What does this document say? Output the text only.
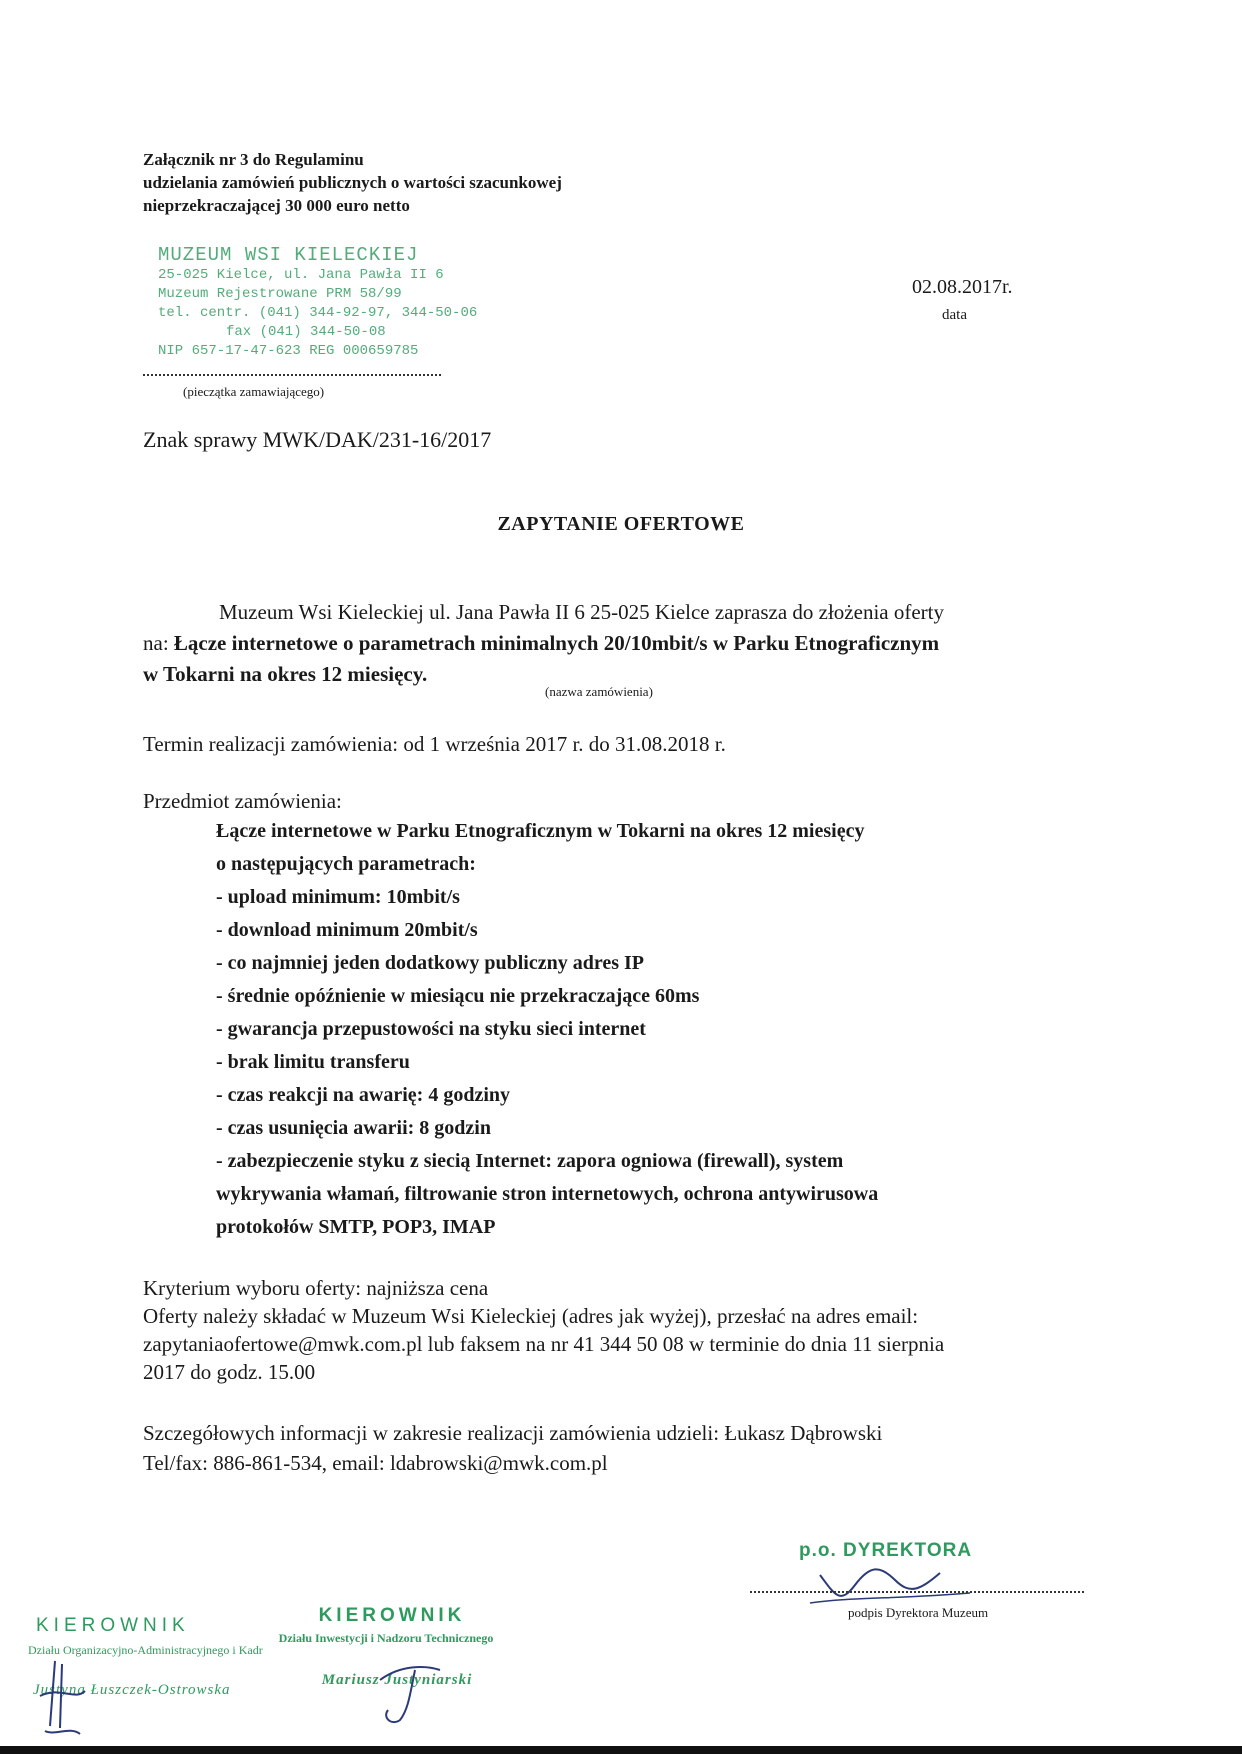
Załącznik nr 3 do Regulaminu
udzielania zamówień publicznych o wartości szacunkowej
nieprzekraczającej 30 000 euro netto
MUZEUM WSI KIELECKIEJ
25-025 Kielce, ul. Jana Pawła II 6
Muzeum Rejestrowane PRM 58/99
tel. centr. (041) 344-92-97, 344-50-06
fax (041) 344-50-08
NIP 657-17-47-623 REG 000659785
(pieczątka zamawiającego)
02.08.2017r.
data
Znak sprawy MWK/DAK/231-16/2017
ZAPYTANIE OFERTOWE

Muzeum Wsi Kieleckiej ul. Jana Pawła II 6 25-025 Kielce zaprasza do złożenia oferty

na: Łącze internetowe o parametrach minimalnych 20/10mbit/s w Parku Etnograficznym

w Tokarni na okres 12 miesięcy.

(nazwa zamówienia)
Termin realizacji zamówienia: od 1 września 2017 r. do 31.08.2018 r.
Przedmiot zamówienia:
Łącze internetowe w Parku Etnograficznym w Tokarni na okres 12 miesięcy
o następujących parametrach:
- upload minimum: 10mbit/s
- download minimum 20mbit/s
- co najmniej jeden dodatkowy publiczny adres IP
- średnie opóźnienie w miesiącu nie przekraczające 60ms
- gwarancja przepustowości na styku sieci internet
- brak limitu transferu
- czas reakcji na awarię: 4 godziny
- czas usunięcia awarii: 8 godzin
- zabezpieczenie styku z siecią Internet: zapora ogniowa (firewall), system
wykrywania włamań, filtrowanie stron internetowych, ochrona antywirusowa
protokołów SMTP, POP3, IMAP
Kryterium wyboru oferty: najniższa cena
Oferty należy składać w Muzeum Wsi Kieleckiej (adres jak wyżej), przesłać na adres email:
zapytaniaofertowe@mwk.com.pl lub faksem na nr 41 344 50 08 w terminie do dnia 11 sierpnia
2017 do godz. 15.00
Szczegółowych informacji w zakresie realizacji zamówienia udzieli: Łukasz Dąbrowski
Tel/fax: 886-861-534, email: ldabrowski@mwk.com.pl
p.o. DYREKTORA
podpis Dyrektora Muzeum
KIEROWNIK
Działu Organizacyjno-Administracyjnego i Kadr
Justyna Łuszczek-Ostrowska
KIEROWNIK
Działu Inwestycji i Nadzoru Technicznego
Mariusz Justyniarski
